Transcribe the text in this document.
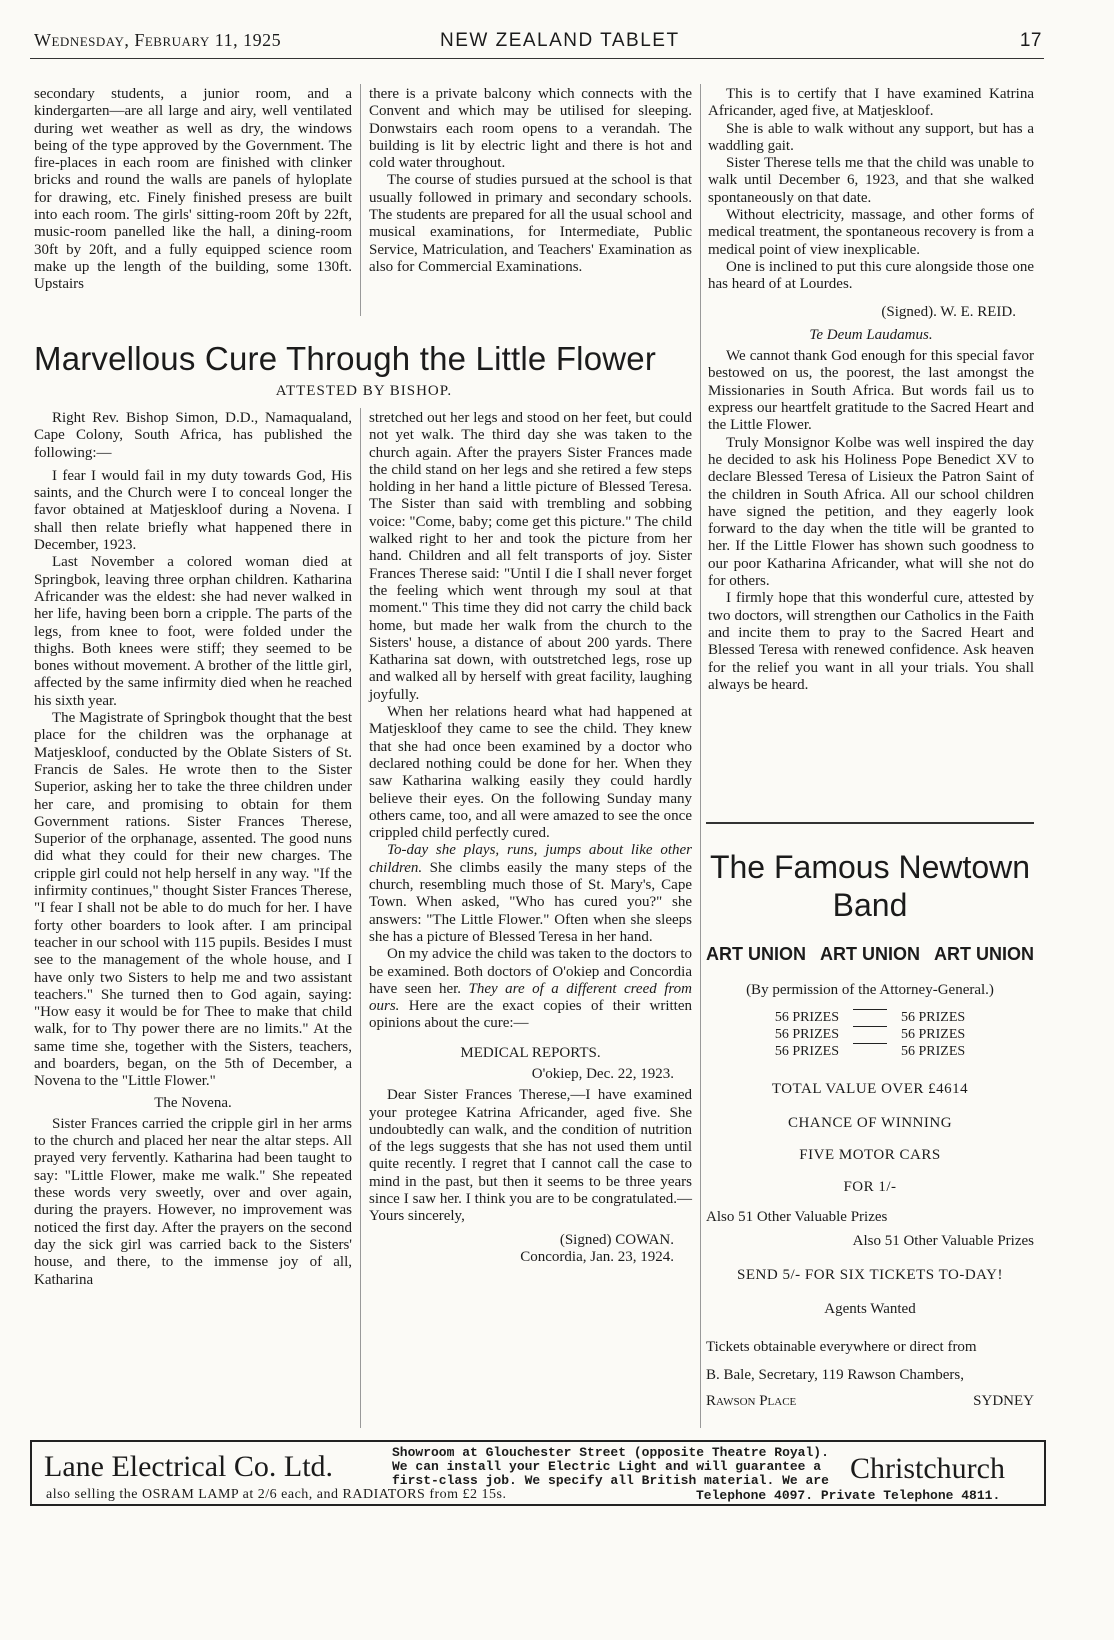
Wednesday, February 11, 1925	NEW ZEALAND TABLET	17

secondary students, a junior room, and a kindergarten—are all large and airy, well ventilated during wet weather as well as dry, the windows being of the type approved by the Government. The fire-places in each room are finished with clinker bricks and round the walls are panels of hyloplate for drawing, etc. Finely finished presess are built into each room. The girls' sitting-room 20ft by 22ft, music-room panelled like the hall, a dining-room 30ft by 20ft, and a fully equipped science room make up the length of the building, some 130ft. Upstairs

there is a private balcony which connects with the Convent and which may be utilised for sleeping. Donwstairs each room opens to a verandah. The building is lit by electric light and there is hot and cold water throughout.

The course of studies pursued at the school is that usually followed in primary and secondary schools. The students are prepared for all the usual school and musical examinations, for Intermediate, Public Service, Matriculation, and Teachers' Examination as also for Commercial Examinations.

Marvellous Cure Through the Little Flower
ATTESTED BY BISHOP.

Right Rev. Bishop Simon, D.D., Namaqualand, Cape Colony, South Africa, has published the following:—

I fear I would fail in my duty towards God, His saints, and the Church were I to conceal longer the favor obtained at Matjeskloof during a Novena. I shall then relate briefly what happened there in December, 1923.

Last November a colored woman died at Springbok, leaving three orphan children. Katharina Africander was the eldest: she had never walked in her life, having been born a cripple. The parts of the legs, from knee to foot, were folded under the thighs. Both knees were stiff; they seemed to be bones without movement. A brother of the little girl, affected by the same infirmity died when he reached his sixth year.

The Magistrate of Springbok thought that the best place for the children was the orphanage at Matjeskloof, conducted by the Oblate Sisters of St. Francis de Sales. He wrote then to the Sister Superior, asking her to take the three children under her care, and promising to obtain for them Government rations. Sister Frances Therese, Superior of the orphanage, assented. The good nuns did what they could for their new charges. The cripple girl could not help herself in any way. "If the infirmity continues," thought Sister Frances Therese, "I fear I shall not be able to do much for her. I have forty other boarders to look after. I am principal teacher in our school with 115 pupils. Besides I must see to the management of the whole house, and I have only two Sisters to help me and two assistant teachers." She turned then to God again, saying: "How easy it would be for Thee to make that child walk, for to Thy power there are no limits." At the same time she, together with the Sisters, teachers, and boarders, began, on the 5th of December, a Novena to the "Little Flower."

The Novena.

Sister Frances carried the cripple girl in her arms to the church and placed her near the altar steps. All prayed very fervently. Katharina had been taught to say: "Little Flower, make me walk." She repeated these words very sweetly, over and over again, during the prayers. However, no improvement was noticed the first day. After the prayers on the second day the sick girl was carried back to the Sisters' house, and there, to the immense joy of all, Katharina

stretched out her legs and stood on her feet, but could not yet walk. The third day she was taken to the church again. After the prayers Sister Frances made the child stand on her legs and she retired a few steps holding in her hand a little picture of Blessed Teresa. The Sister than said with trembling and sobbing voice: "Come, baby; come get this picture." The child walked right to her and took the picture from her hand. Children and all felt transports of joy. Sister Frances Therese said: "Until I die I shall never forget the feeling which went through my soul at that moment." This time they did not carry the child back home, but made her walk from the church to the Sisters' house, a distance of about 200 yards. There Katharina sat down, with outstretched legs, rose up and walked all by herself with great facility, laughing joyfully.

When her relations heard what had happened at Matjeskloof they came to see the child. They knew that she had once been examined by a doctor who declared nothing could be done for her. When they saw Katharina walking easily they could hardly believe their eyes. On the following Sunday many others came, too, and all were amazed to see the once crippled child perfectly cured.

To-day she plays, runs, jumps about like other children. She climbs easily the many steps of the church, resembling much those of St. Mary's, Cape Town. When asked, "Who has cured you?" she answers: "The Little Flower." Often when she sleeps she has a picture of Blessed Teresa in her hand.

On my advice the child was taken to the doctors to be examined. Both doctors of O'okiep and Concordia have seen her. They are of a different creed from ours. Here are the exact copies of their written opinions about the cure:—

MEDICAL REPORTS.

O'okiep, Dec. 22, 1923.

Dear Sister Frances Therese,—I have examined your protegee Katrina Africander, aged five. She undoubtedly can walk, and the condition of nutrition of the legs suggests that she has not used them until quite recently. I regret that I cannot call the case to mind in the past, but then it seems to be three years since I saw her. I think you are to be congratulated.—Yours sincerely,

(Signed) COWAN.

Concordia, Jan. 23, 1924.

This is to certify that I have examined Katrina Africander, aged five, at Matjeskloof.

She is able to walk without any support, but has a waddling gait.

Sister Therese tells me that the child was unable to walk until December 6, 1923, and that she walked spontaneously on that date.

Without electricity, massage, and other forms of medical treatment, the spontaneous recovery is from a medical point of view inexplicable.

One is inclined to put this cure alongside those one has heard of at Lourdes.

(Signed). W. E. REID.

Te Deum Laudamus.

We cannot thank God enough for this special favor bestowed on us, the poorest, the last amongst the Missionaries in South Africa. But words fail us to express our heartfelt gratitude to the Sacred Heart and the Little Flower.

Truly Monsignor Kolbe was well inspired the day he decided to ask his Holiness Pope Benedict XV to declare Blessed Teresa of Lisieux the Patron Saint of the children in South Africa. All our school children have signed the petition, and they eagerly look forward to the day when the title will be granted to her. If the Little Flower has shown such goodness to our poor Katharina Africander, what will she not do for others.

I firmly hope that this wonderful cure, attested by two doctors, will strengthen our Catholics in the Faith and incite them to pray to the Sacred Heart and Blessed Teresa with renewed confidence. Ask heaven for the relief you want in all your trials. You shall always be heard.

The Famous Newtown
Band
ART UNION ART UNION ART UNION
(By permission of the Attorney-General.)
56 PRIZES	56 PRIZES
56 PRIZES	56 PRIZES
56 PRIZES	56 PRIZES
TOTAL VALUE OVER £4614
CHANCE OF WINNING
FIVE MOTOR CARS
FOR 1/-
Also 51 Other Valuable Prizes
Also 51 Other Valuable Prizes
SEND 5/- FOR SIX TICKETS TO-DAY!
Agents Wanted
Tickets obtainable everywhere or direct from
B. Bale, Secretary, 119 Rawson Chambers,
Rawson Place	SYDNEY
Lane Electrical Co. Ltd.
also selling the OSRAM LAMP at 2/6 each, and RADIATORS from £2 15s.
Showroom at Glouchester Street (opposite Theatre Royal).
We can install your Electric Light and will guarantee a
first-class job. We specify all British material. We are Christchurch
Telephone 4097. Private Telephone 4811.
